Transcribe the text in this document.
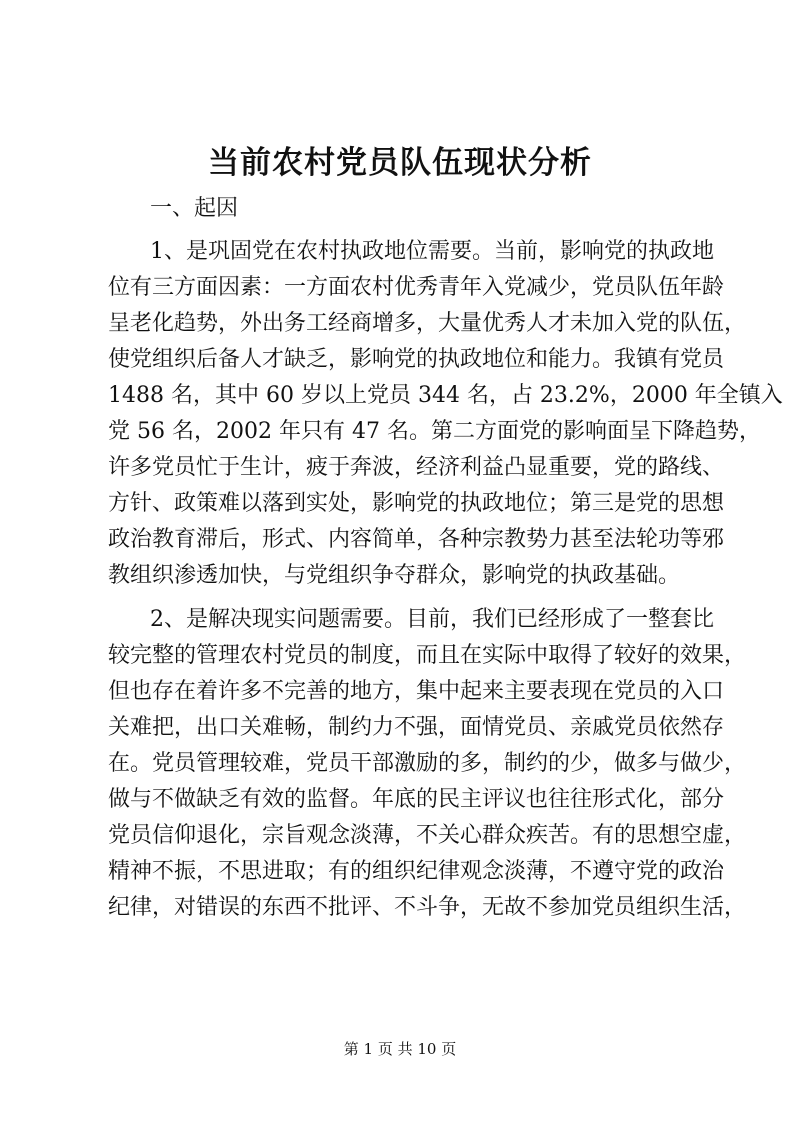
当前农村党员队伍现状分析
一、起因
1、是巩固党在农村执政地位需要。当前，影响党的执政地
位有三方面因素：一方面农村优秀青年入党减少，党员队伍年龄
呈老化趋势，外出务工经商增多，大量优秀人才未加入党的队伍，
使党组织后备人才缺乏，影响党的执政地位和能力。我镇有党员
1488 名，其中 60 岁以上党员 344 名，占 23.2%，2000 年全镇入
党 56 名，2002 年只有 47 名。第二方面党的影响面呈下降趋势，
许多党员忙于生计，疲于奔波，经济利益凸显重要，党的路线、
方针、政策难以落到实处，影响党的执政地位；第三是党的思想
政治教育滞后，形式、内容简单，各种宗教势力甚至法轮功等邪
教组织渗透加快，与党组织争夺群众，影响党的执政基础。
2、是解决现实问题需要。目前，我们已经形成了一整套比
较完整的管理农村党员的制度，而且在实际中取得了较好的效果，
但也存在着许多不完善的地方，集中起来主要表现在党员的入口
关难把，出口关难畅，制约力不强，面情党员、亲戚党员依然存
在。党员管理较难，党员干部激励的多，制约的少，做多与做少，
做与不做缺乏有效的监督。年底的民主评议也往往形式化，部分
党员信仰退化，宗旨观念淡薄，不关心群众疾苦。有的思想空虚，
精神不振，不思进取；有的组织纪律观念淡薄，不遵守党的政治
纪律，对错误的东西不批评、不斗争，无故不参加党员组织生活，
第 1 页 共 10 页
